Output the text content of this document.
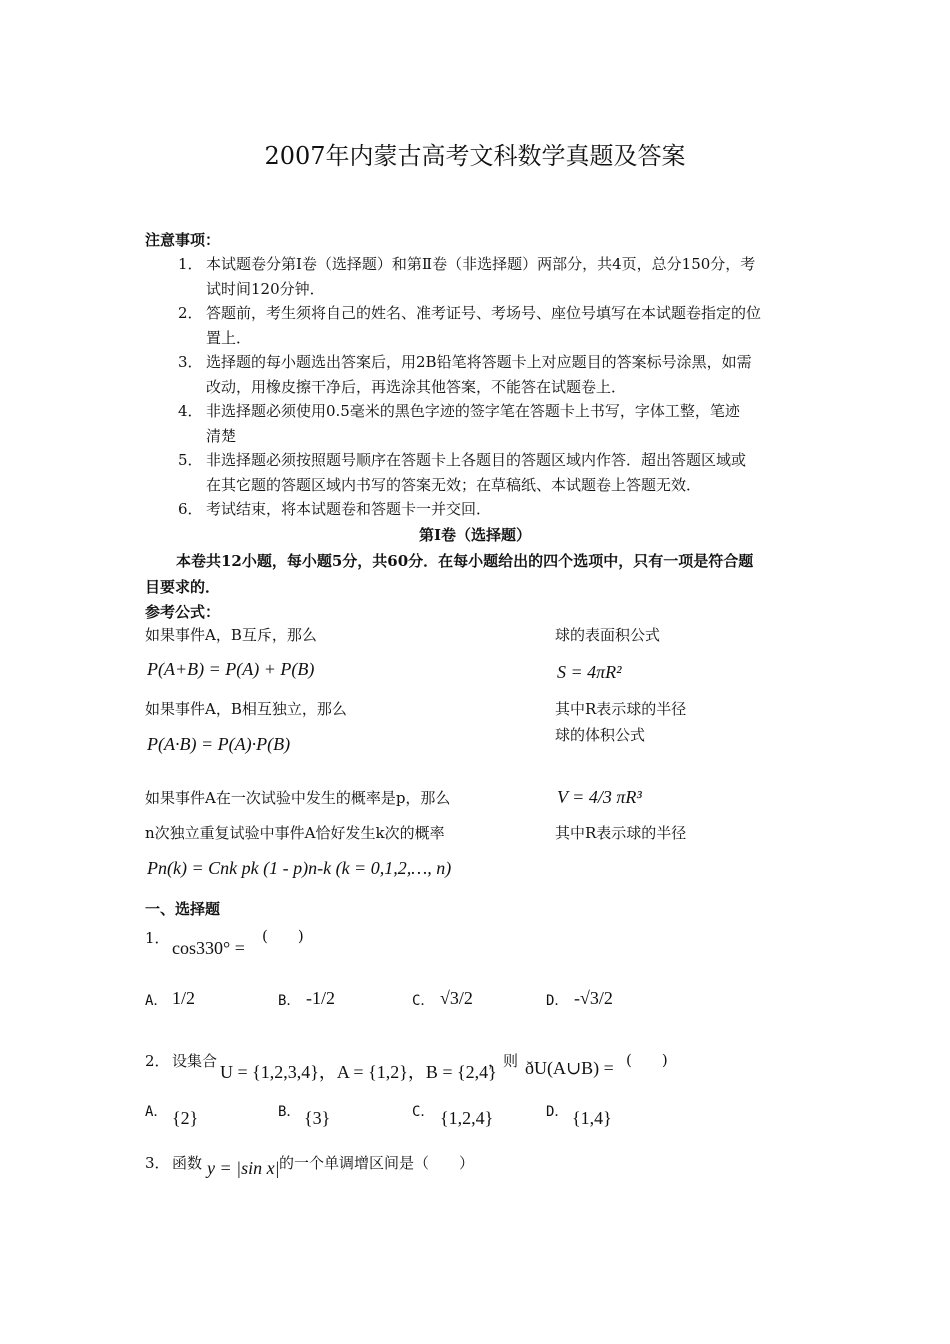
2007年内蒙古高考文科数学真题及答案
注意事项：
1． 本试题卷分第Ⅰ卷（选择题）和第Ⅱ卷（非选择题）两部分，共4页，总分150分，考
试时间120分钟．
2． 答题前，考生须将自己的姓名、准考证号、考场号、座位号填写在本试题卷指定的位
置上．
3． 选择题的每小题选出答案后，用2B铅笔将答题卡上对应题目的答案标号涂黑，如需
改动，用橡皮擦干净后，再选涂其他答案，不能答在试题卷上．
4． 非选择题必须使用0.5毫米的黑色字迹的签字笔在答题卡上书写，字体工整，笔迹
清楚
5． 非选择题必须按照题号顺序在答题卡上各题目的答题区域内作答．超出答题区域或
在其它题的答题区域内书写的答案无效；在草稿纸、本试题卷上答题无效．
6． 考试结束，将本试题卷和答题卡一并交回．
第Ⅰ卷（选择题）
本卷共12小题，每小题5分，共60分．在每小题给出的四个选项中，只有一项是符合题
目要求的．
参考公式：
如果事件A，B互斥，那么
P(A+B) = P(A) + P(B)
如果事件A，B相互独立，那么
P(A·B) = P(A)·P(B)
如果事件A在一次试验中发生的概率是p，那么
n次独立重复试验中事件A恰好发生k次的概率
Pn(k) = Cnk pk (1 - p)n-k (k = 0,1,2,…, n)
球的表面积公式
S = 4πR²
其中R表示球的半径
球的体积公式
V = 4/3 πR³
其中R表示球的半径
一、选择题
1． cos330° =
(　　)
A． 1/2	B． -1/2	C． √3/2	D． -√3/2
2． 设集合
U = {1,2,3,4}，A = {1,2}，B = {2,4}
，则 ðU(A∪B) = (　　)
A． {2}	B． {3}	C． {1,2,4}	D． {1,4}
3． 函数 y = |sin x| 的一个单调增区间是（　　）
